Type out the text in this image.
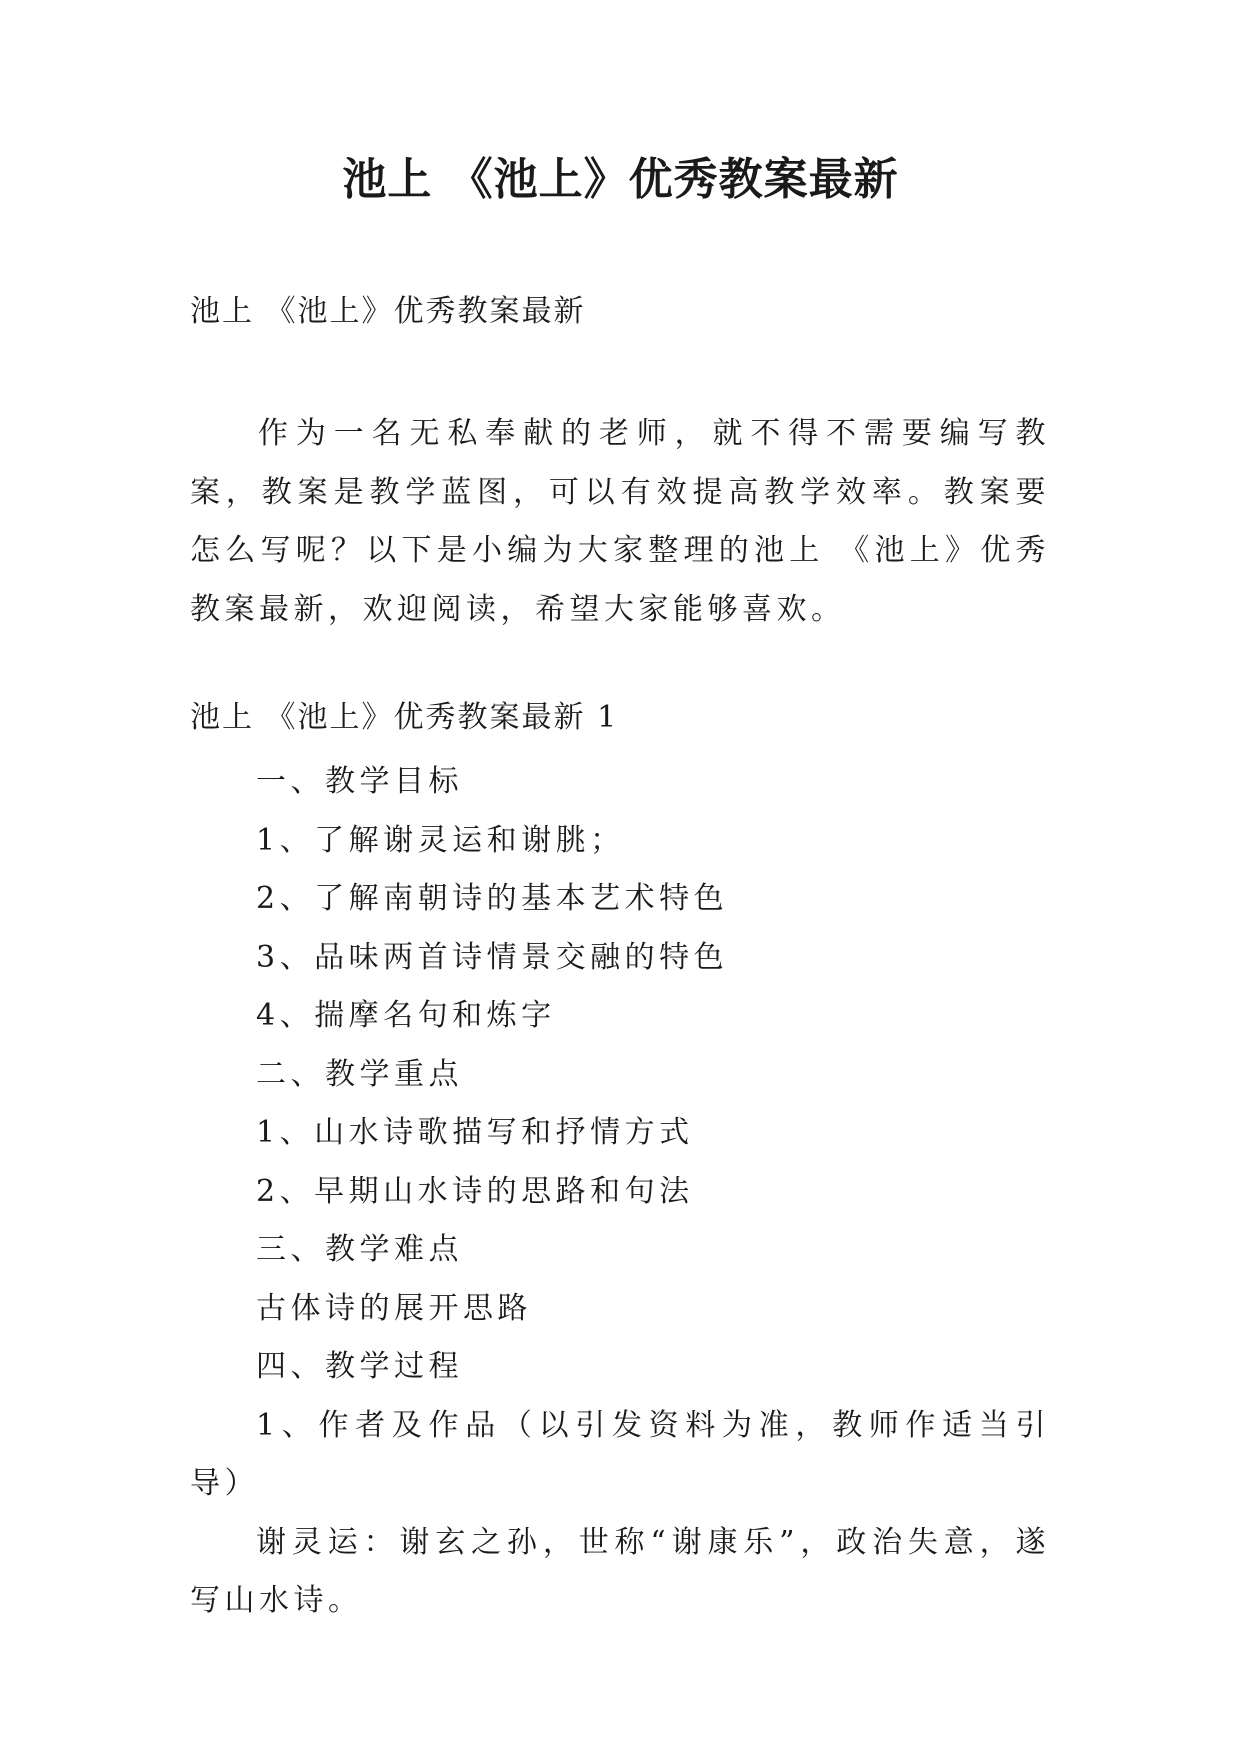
池上 《池上》优秀教案最新

池上 《池上》优秀教案最新

作为一名无私奉献的老师，就不得不需要编写教案，教案是教学蓝图，可以有效提高教学效率。教案要怎么写呢？以下是小编为大家整理的池上 《池上》优秀教案最新，欢迎阅读，希望大家能够喜欢。

池上 《池上》优秀教案最新 1

一、教学目标
1、了解谢灵运和谢朓；
2、了解南朝诗的基本艺术特色
3、品味两首诗情景交融的特色
4、揣摩名句和炼字
二、教学重点
1、山水诗歌描写和抒情方式
2、早期山水诗的思路和句法
三、教学难点
古体诗的展开思路
四、教学过程
1、作者及作品（以引发资料为准，教师作适当引导）
谢灵运：谢玄之孙，世称“谢康乐”，政治失意，遂写山水诗。
